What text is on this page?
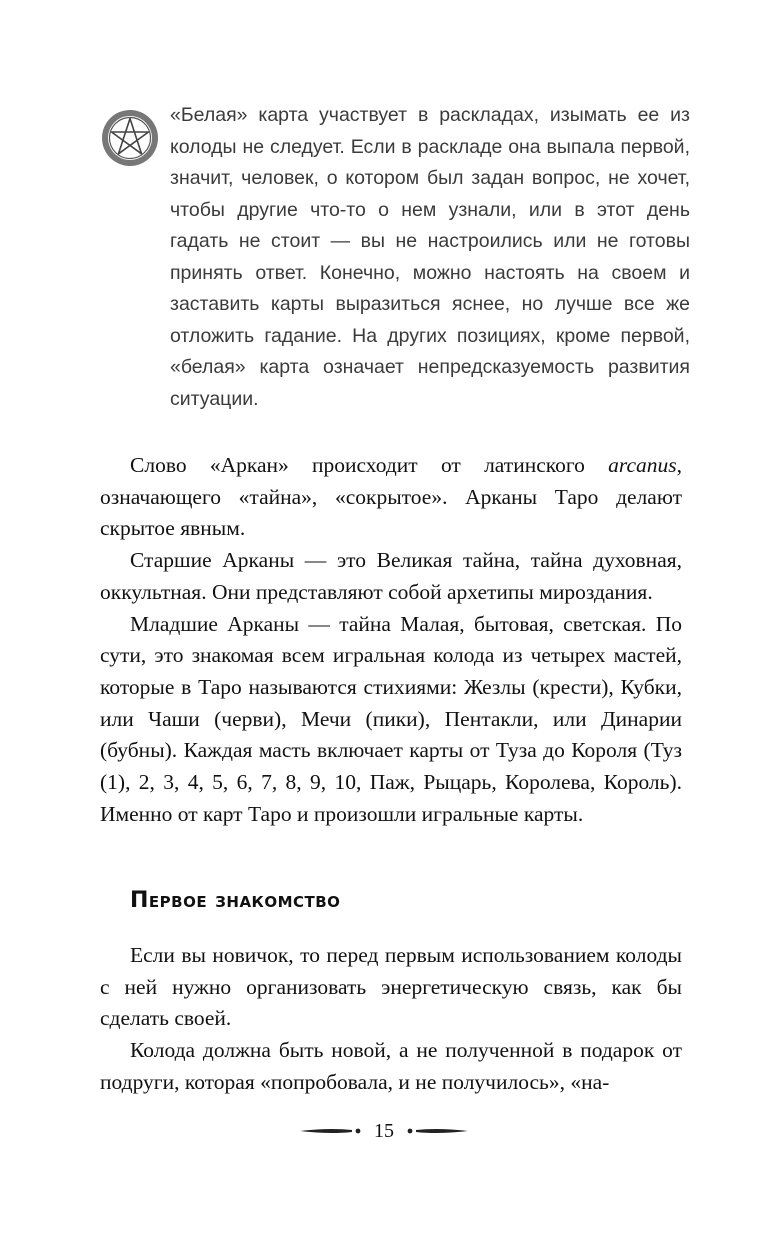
«Белая» карта участвует в раскладах, изымать ее из колоды не следует. Если в раскладе она выпала первой, значит, человек, о котором был задан вопрос, не хочет, чтобы другие что-то о нем узнали, или в этот день гадать не стоит — вы не настроились или не готовы принять ответ. Конечно, можно настоять на своем и заставить карты выразиться яснее, но лучше все же отложить гадание. На других позициях, кроме первой, «белая» карта означает непредсказуемость развития ситуации.

Слово «Аркан» происходит от латинского arcanus, означающего «тайна», «сокрытое». Арканы Таро делают скрытое явным.

Старшие Арканы — это Великая тайна, тайна духовная, оккультная. Они представляют собой архетипы мироздания.

Младшие Арканы — тайна Малая, бытовая, светская. По сути, это знакомая всем игральная колода из четырех мастей, которые в Таро называются стихиями: Жезлы (крести), Кубки, или Чаши (черви), Мечи (пики), Пентакли, или Динарии (бубны). Каждая масть включает карты от Туза до Короля (Туз (1), 2, 3, 4, 5, 6, 7, 8, 9, 10, Паж, Рыцарь, Королева, Король). Именно от карт Таро и произошли игральные карты.

Первое знакомство

Если вы новичок, то перед первым использованием колоды с ней нужно организовать энергетическую связь, как бы сделать своей.

Колода должна быть новой, а не полученной в подарок от подруги, которая «попробовала, и не получилось», «на-

15
